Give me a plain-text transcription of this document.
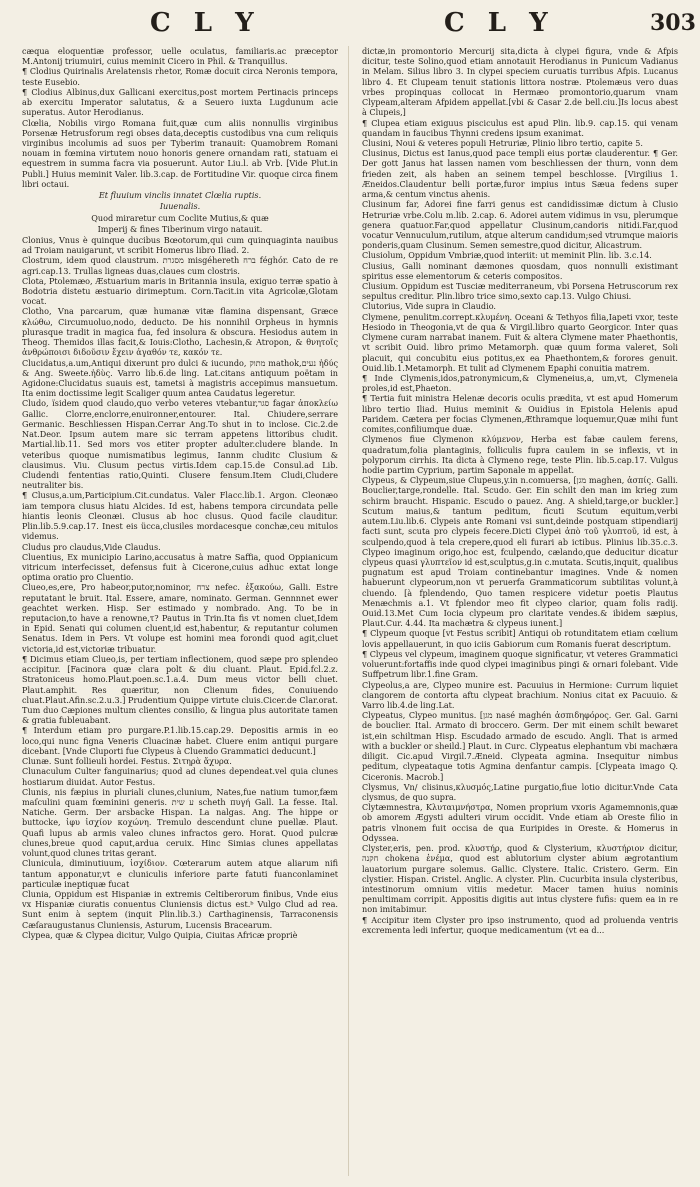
C L Y	C L Y	303

cæqua eloquentiæ professor, uelle oculatus, familiaris.ac præceptor M.Antonij triumuiri, cuius meminit Cicero in Phil. & Tranquillus.

¶ Clodius Quirinalis Arelatensis rhetor, Romæ docuit circa Neronis tempora, teste Eusebio.

¶ Clodius Albinus,dux Gallicani exercitus,post mortem Pertinacis princeps ab exercitu Imperator salutatus, & a Seuero iuxta Lugdunum acie superatus. Autor Herodianus.

Clœlia, Nobilis virgo Romana fuit,quæ cum aliis nonnullis virginibus Porsenæ Hetrusforum regi obses data,deceptis custodibus vna cum reliquis virginibus incolumis ad suos per Tyberim tranauit: Quamobrem Romani nouam in fœmina virtutem nouo honoris genere ornandam rati, statuam ei equestrem in summa facra via posuerunt. Autor Liu.l. ab Vrb. [Vide Plut.in Publi.] Huius meminit Valer. lib.3.cap. de Fortitudine Vir. quoque circa finem libri octaui.

Et fluuium vinclis innatet Clœlia ruptis.

Iuuenalis.

Quod miraretur cum Coclite Mutius,& quæ

Imperij & fines Tiberinum virgo natauit.

Clonius, Vnus è quinque ducibus Bœotorum,qui cum quinquaginta nauibus ad Troiam nauigarunt, vt scribit Homerus libro Iliad. 2.

Clostrum, idem quod claustrum. מסגרת misgéhereth ברח féghór. Cato de re agri.cap.13. Trullas ligneas duas,claues cum clostris.

Clota, Ptolemæo, Æstuarium maris in Britannia insula, exiguo terræ spatio à Bodotria distetu æstuario dirimeptum. Corn.Tacit.in vita Agricolæ,Glotam vocat.

Clotho, Vna parcarum, quæ humanæ vitæ flamina dispensant, Græce κλώθω, Circumuoluo,nodo, deducto. De his nonnihil Orpheus in hymnis plurasque tradit in magica fua, fed insolura & obscura. Hesiodus autem in Theog. Themidos illas facit,& Iouis:Clotho, Lachesin,& Atropon, & θνητοῖς ἀνθρώποισι διδοῦσιν ἔχειν ἀγαθόν τε, κακόν τε.

Clucidatus,a.um,Antiqui dixerunt pro dulci & iucundo, מתוק mathok,נעים ἡδύς & Ang. Sweete.ἡδὺς. Varro lib.6.de ling. Lat.citans antiquum poëtam in Agidone:Clucidatus suauis est, tametsi à magistris accepimus mansuetum. Ita enim doctissime legit Scaliger quum antea Caudatus legeretur.

Cludo, ïsidem quod claudo,quo verbo veteres vtebantur,סגר fagar ἀποκλείω Gallic. Clorre,enclorre,enuironner,entourer. Ital. Chiudere,serrare Germanic. Beschliessen Hispan.Cerrar Ang.To shut in to inclose. Cic.2.de Nat.Deor. Ipsum autem mare sic terram appetens littoribus cludit. Martial.lib.11. Sed mors vos etiter propter adulter.cludere blande. In veteribus quoque numismatibus legimus, Iannm cluditc Clusium & clausimus. Viu. Clusum pectus virtis.Idem cap.15.de Consul.ad Lib. Cludendi fententias ratio,Quinti. Clusere fensum.Item Cludi,Cludere neutraliter bis.

¶ Clusus,a.um,Participium.Cit.cundatus. Valer Flacc.lib.1. Argon. Cleonæo iam tempora clusus hiatu Alcides. Id est, habens tempora circundata pelle hiantis leonis Cleonæi. Clusus ab hoc clusus. Quod facile clauditur. Plin.lib.5.9.cap.17. Inest eis ücca,clusiles mordacesque conchæ,ceu mitulos videmus.

Cludus pro claudus,Vide Claudus.

Cluentius, Ex municipio Larino,accusatus à matre Saffia, quod Oppianicum vitricum interfecisset, defensus fuit à Cicerone,cuius adhuc extat longe optima oratio pro Cluentio.

Clueo,es,ere, Pro habeor,putor,nominor, צרח nefec. ἐξακούω, Galli. Estre reputatant le bruit. Ital. Essere, amare, nominato. German. Gennnnet ewer geachtet werken. Hisp. Ser estimado y nombrado. Ang. To be in reputacion,to have a renowne,τ? Pautus in Trin.Ita fis vt nomen cluet,Idem in Epid. Senati qui columen cluent,id est,habentur, & reputantur columen Senatus. Idem in Pers. Vt volupe est homini mea forondi quod agit,cluet victoria,id est,victoriæ tribuatur.

¶ Dicimus etiam Clueo,is, per tertiam inflectionem, quod sæpe pro splendeo accipitur. [Facinora quæ clara polt & diu cluant. Plaut. Epid.fcl.2.z. Stratoniceus homo.Plaut.poen.sc.1.a.4. Dum meus victor belli cluet. Plaut.amphit. Res quæritur, non Clienum fides, Conuiuendo cluat.Plaut.Afin.sc.2.u.3.] Prudentium Quippe virtute cluis.Cicer.de Clar.orat. Tum duo Cæpiones multum clientes consilio, & lingua plus autoritate tamen & gratia fubleuabant.

¶ Interdum etiam pro purgare.P.1.lib.15.cap.29. Depositis armis in eo loco,qui nunc figna Veneris Cluacinæ habet. Cluere enim antiqui purgare dicebant. [Vnde Cluporti fue Clypeus à Cluendo Grammatici deducunt.]

Clunæ. Sunt follieuli hordei. Festus. Σιτηρὰ ἄχυρα.

Clunaculum Culter fanguinarius; quod ad clunes dependeat.vel quia clunes hostiarum diuidat. Autor Festus.

Clunis, nis fæpius in pluriali clunes,clunium, Nates,fue natium tumor,fæm maſculini quam fœminini generis. ע שית scheth πυγή Gall. La fesse. Ital. Natiche. Germ. Der arsbacke Hispan. La nalgas. Ang. The hippe or buttocke, ἰφυ ἰσχίον κοχώνη. Tremulo descendunt clune puellæ. Plaut. Quafi lupus ab armis valeo clunes infractos gero. Horat. Quod pulcræ clunes,breue quod caput,ardua ceruix. Hinc Simias clunes appellatas volunt,quod clunes tritas gerant.

Clunicula, diminutiuum, ἰσχίδιον. Cœterarum autem atque aliarum nifi tantum apponatur,vt e cluniculis inferiore parte fatuti fuanconlaminet particulæ ineptiquæ fucat

Clunia, Oppidum est Hispaniæ in extremis Celtiberorum finibus, Vnde eius vx Hispaniæ ciuratis conuentus Cluniensis dictus est.ᵇ Vulgo Clud ad rea. Sunt enim à septem (inquit Plin.lib.3.) Carthaginensis, Tarraconensis Cæſaraugustanus Cluniensis, Asturum, Lucensis Bracearum.

Clypea, quæ & Clypea dicitur, Vulgo Quipia, Ciuitas Africæ propriè

dictæ,in promontorio Mercurij sita,dicta à clypei figura, vnde & Afpis dicitur, teste Solino,quod etiam annotauit Herodianus in Punicum Vadianus in Melam. Silius libro 3. In clypei speciem curuatis turribus Afpis. Lucanus libro 4. Et Clupeam tenuit stationis littora nostræ. Ptolemæus vero duas vrbes propinquas collocat in Hermæo promontorio,quarum vnam Clypeam,alteram Afpidem appellat.[vbi & Casar 2.de bell.ciu.]Is locus abest à Clupeis,]

¶ Clupea etiam exiguus pisciculus est apud Plin. lib.9. cap.15. qui venam quandam in faucibus Thynni credens ipsum exanimat.

Clusini, Noui & veteres populi Hetruriæ, Plinio libro tertio, capite 5.

Clusinus, Dictus est Ianus,quod pace templi eius portæ clauderentur. ¶ Ger. Der gott Janus hat lassen namen vom beschliessen der thurn, vonn dem frieden zeit, als haben an seinem tempel beschlosse. [Virgilius 1. Æneidos.Claudentur belli portæ,furor impius intus Sæua fedens super arma,& centum vinctus ahenis.

Clusinum far, Adorei fine farri genus est candidissimæ dictum à Clusio Hetruriæ vrbe.Colu m.lib. 2.cap. 6. Adorei autem vidimus in vsu, plerumque genera quatuor.Far,quod appellatur Clusinum,candoris nitidi.Far,quod vocatur Vennuculum,rutilum, atque alterum candidum;sed vtrumque maioris ponderis,quam Clusinum. Semen semestre,quod dicitur, Alicastrum.

Clusiolum, Oppidum Vmbriæ,quod interiit: ut meminit Plin. lib. 3.c.14.

Clusius, Galli nominant dæmones quosdam, quos nonnulli existimant spiritus esse elementorum & ceteris compositos.

Clusium. Oppidum est Tusciæ mediterraneum, vbi Porsena Hetruscorum rex sepultus creditur. Plin.libro trice simo,sexto cap.13. Vulgo Chiusi.

Clutorius, Vide supra in Claudio.

Clymene, penulitm.corrept.κλυμένη. Oceani & Tethyos filia,Iapeti vxor, teste Hesiodo in Theogonia,vt de qua & Virgil.libro quarto Georgicor. Inter quas Clymene curam narrabat inanem. Fuit & altera Clymene mater Phaethontis, vt scribit Ouid. libro primo Metamorph. quæ quum forma valeret, Soli placuit, qui concubitu eius potitus,ex ea Phaethontem,& forores genuit. Ouid.lib.1.Metamorph. Et tulit ad Clymenem Epaphi conuitia matrem.

¶ Inde Clymenis,idos,patronymicum,& Clymeneius,a, um,vt, Clymeneia proles,id est,Phaeton.

¶ Tertia fuit ministra Helenæ decoris oculis prædita, vt est apud Homerum libro tertio Iliad. Huius meminit & Ouidius in Epistola Helenis apud Paridem. Cætera per focias Clymenen,Æthramque loquemur,Quæ mihi funt comites,confiliumque duæ.

Clymenos fiue Clymenon κλύμενον, Herba est fabæ caulem ferens, quadratum,folia plantaginis, folliculis fupra caulem in se inflexis, vt in polyporum cirrhis. Ita dicta à Clymeno rege, teste Plin. lib.5.cap.17. Vulgus hodie partim Cyprium, partim Saponale m appellat.

Clypeus, & Clypeum,siue Clupeus,y.in n.comuersa, [מגן maghen, ἀσπίς. Galli. Bouclier,targe,rondelle. Ital. Scudo. Ger. Ein schilt den man im krieg zum schirm braucht. Hispanic. Escudo o pauez. Ang. A shield,targe,or buckler.] Scutum maius,& tantum peditum, ficuti Scutum equitum,verbi autem.Liu.lib.6. Clypeis ante Romani vsi sunt,deinde postquam stipendiarij facti sunt, scuta pro clypeis fecere.Dicti Clypei ἀπὸ τοῦ γλυπτοῦ, id est, à sculpendo,quod à tela crepere,quod eli furari ab ictibus. Plinius lib.35.c.3. Clypeo imaginum origo,hoc est, fculpendo, cælando,que deducitur dicatur clypeus quasi γλυπτεῖον id est,sculptus,g.in c.mutata. Scutis,inquit, qualibus pugnatum est apud Troiam continebantur imagines. Vnde & nomen habuerunt clypeorum,non vt peruerfa Grammaticorum subtilitas volunt,à cluendo. [à fplendendo, Quo tamen respicere videtur poetis Plautus Menæchmis a.1. Vt fplendor meo fit clypeo clarior, quam folis radij. Ouid.13.Met Cum Iocia clypeum pro claritate vendes.& ibidem sæpius, Plaut.Cur. 4.44. Ita machætra & clypeus iunent.]

¶ Clypeum quoque [vt Festus scribit] Antiqui ob rotunditatem etiam cœlium lovis appellauerunt, in quo iciis Gabiorum cum Romanis fuerat descriptum.

¶ Clypeus vel clypeum, imaginem quoque significatur, vt veteres Grammatici voluerunt:fortaffis inde quod clypei imaginibus pingi & ornari folebant. Vide Suffpetrum libr.1.fine Gram.

Clypeolus,a are, Clypeo munire est. Pacuuius in Hermione: Currum liquiet clangorem de contorta aftu clypeat brachium. Nonius citat ex Pacuuio. & Varro lib.4.de ling.Lat.

Clypeatus, Clypeo munitus. [מגן nasé maghén ἀσπιδηφόρος. Ger. Gal. Garni de bouclier. Ital. Armato di broccero. Germ. Der mit einem schilt bewaret ist,ein schiltman Hisp. Escudado armado de escudo. Angli. That is armed with a buckler or sheild.] Plaut. in Curc. Clypeatus elephantum vbi machæra diligit. Cic.apud Virgil.7.Æneid. Clypeata agmina. Insequitur nimbus peditum, clypeataque totis Agmina denfantur campis. [Clypeata imago Q. Ciceronis. Macrob.]

Clysmus, Vn/ clisinus,κλυσμός,Latine purgatio,fiue lotio dicitur.Vnde Cata clysmus, de quo supra.

Clytæmnestra, Κλυταιμνήστρα, Nomen proprium vxoris Agamemnonis,quæ ob amorem Ægysti adulteri virum occidit. Vnde etiam ab Oreste filio in patris vlnonem fuit occisa de qua Euripides in Oreste. & Homerus in Odyssea.

Clyster,eris, pen. prod. κλυστήρ, quod & Clysterium, κλυστήριον dicitur, חקנה chokena ἐνέμα, quod est ablutorium clyster abium ægrotantium lauatorium purgare solemus. Gallic. Clystere. Italic. Cristero. Germ. Ein clystier. Hispan. Cristel. Anglic. A clyster. Plin. Cucurbita insula clysteribus, intestinorum omnium vitiis medetur. Macer tamen huius nominis penultimam corripit. Appositis digitis aut intus clystere fufis: quem ea in re non imitabimur.

¶ Accipitur item Clyster pro ipso instrumento, quod ad proluenda ventris excrementa ledi infertur, quoque medicamentum (vt ea d...
